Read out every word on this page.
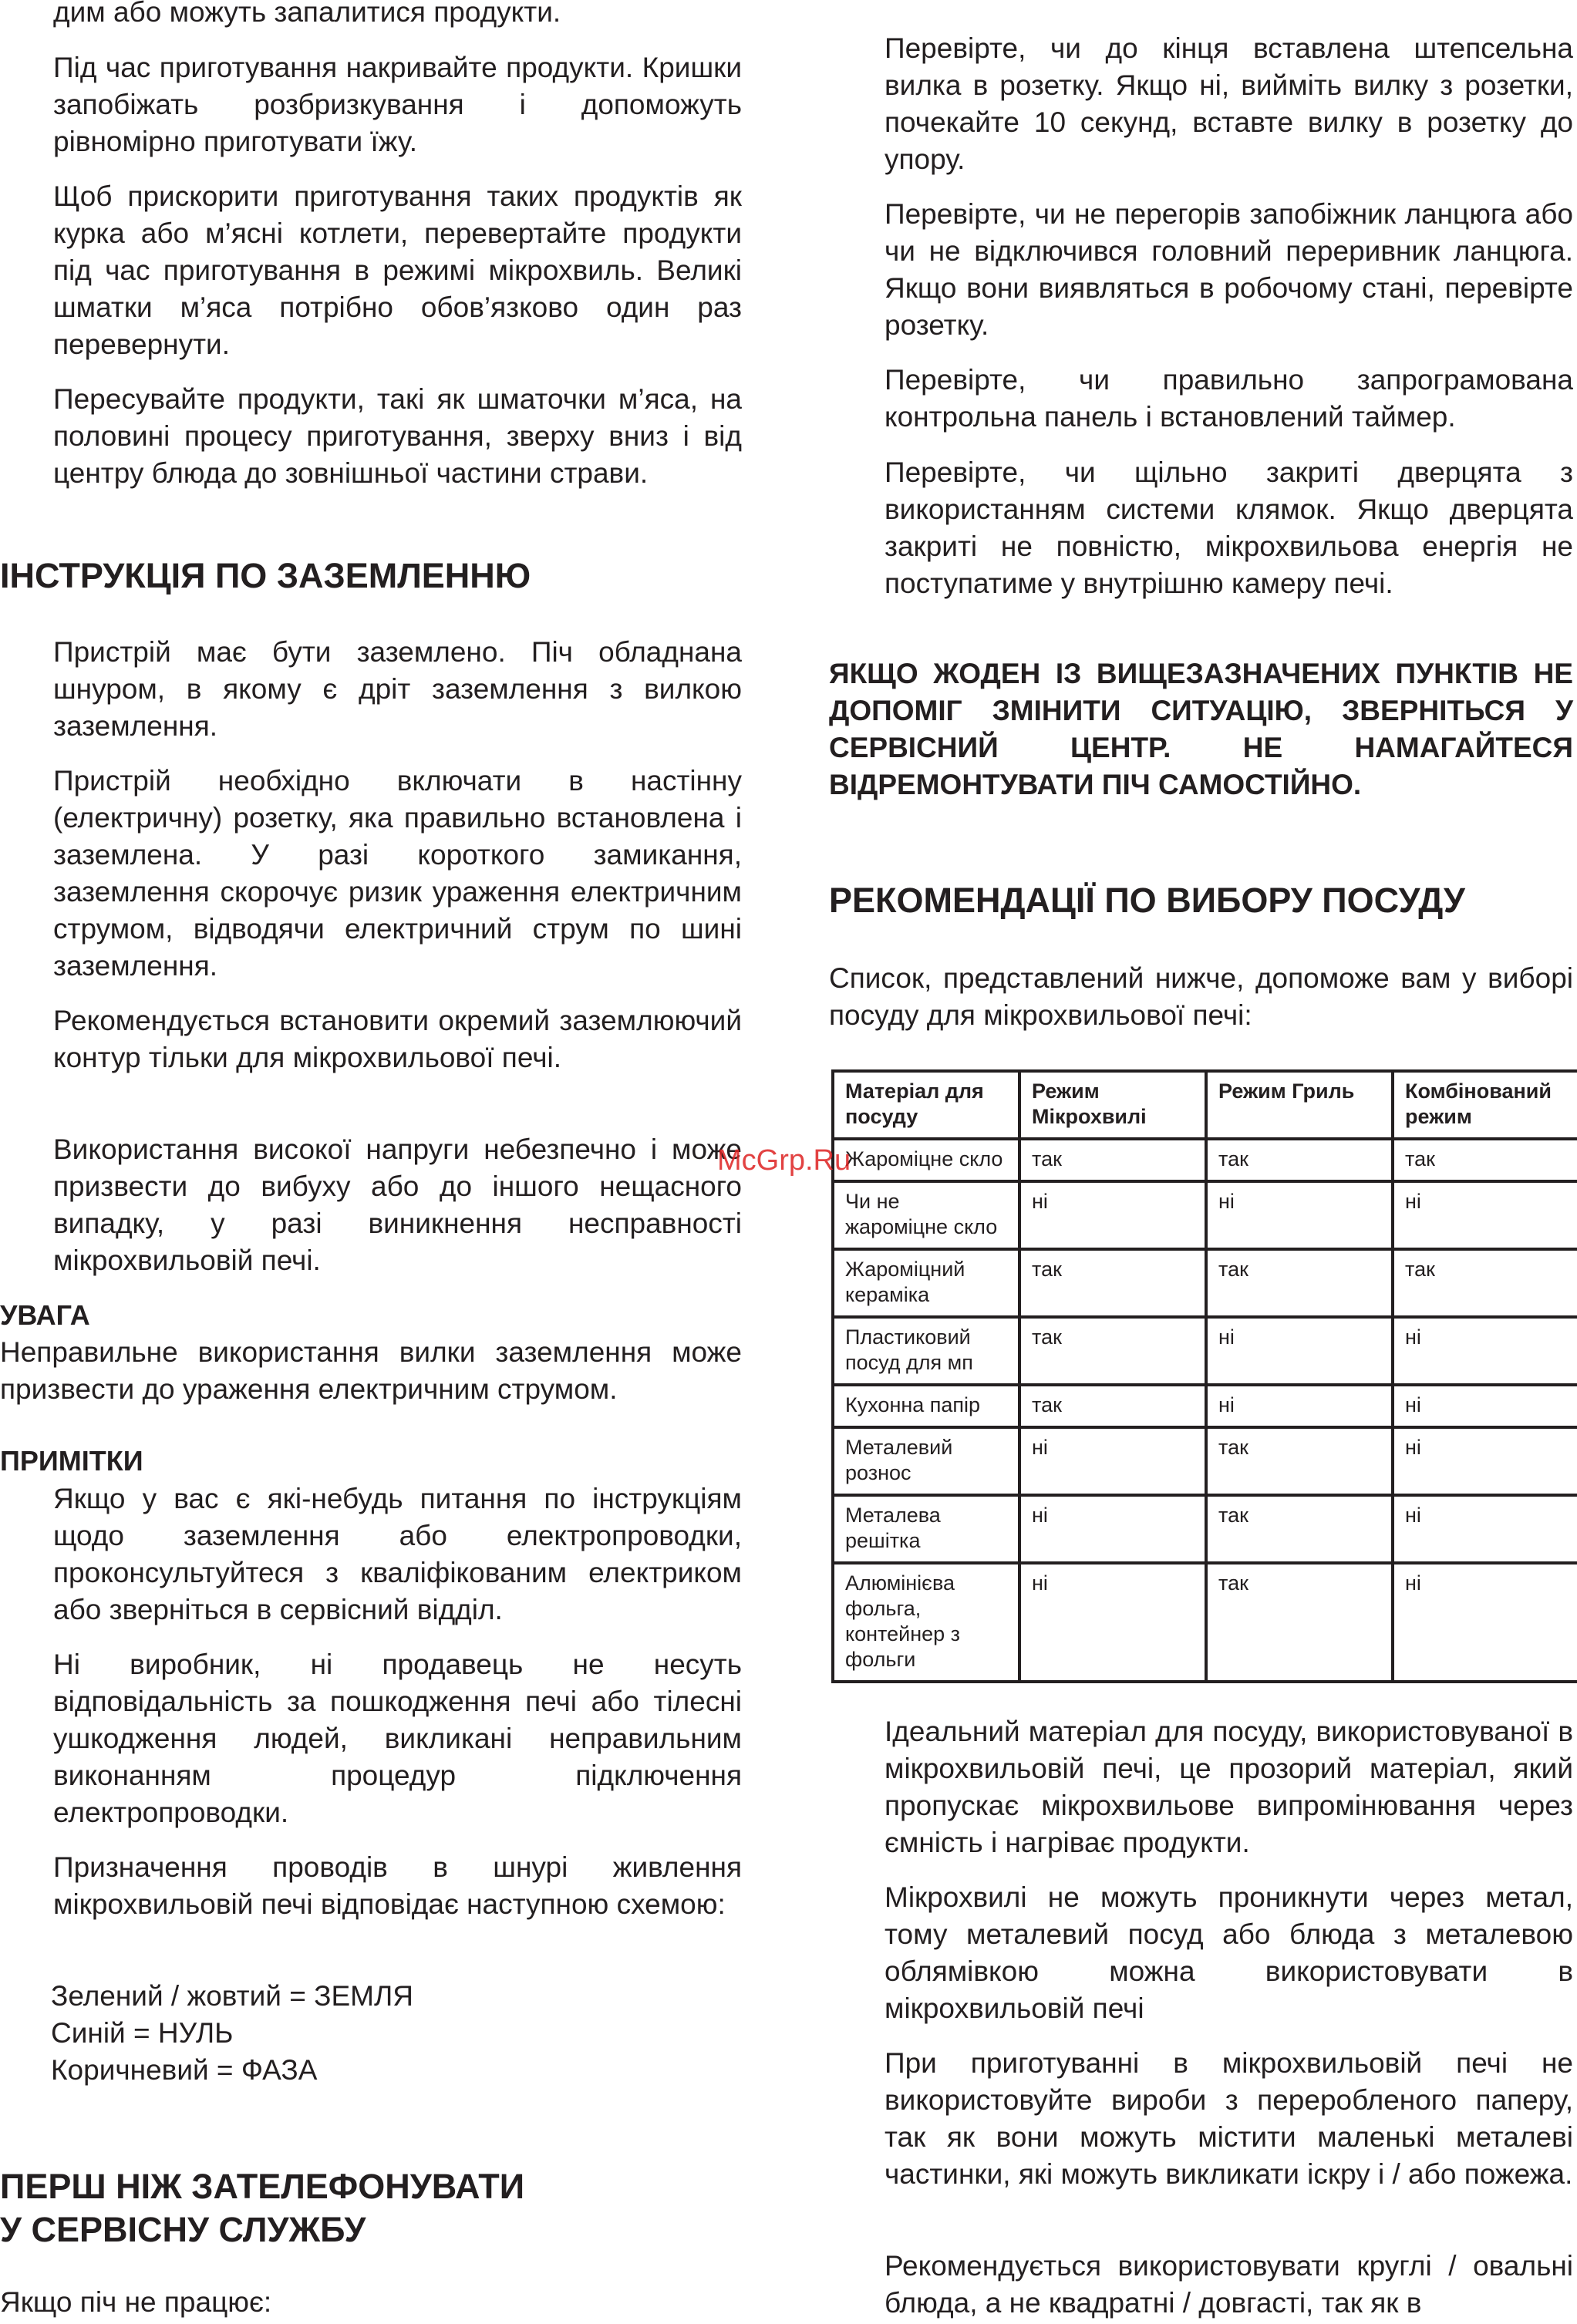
дим або можуть запалитися продукти.

Під час приготування накривайте продукти. Кришки запобіжать розбризкування і допоможуть рівномірно приготувати їжу.

Щоб прискорити приготування таких продуктів як курка або м’ясні котлети, перевертайте продукти під час приготування в режимі мікрохвиль. Великі шматки м’яса потрібно обов’язково один раз перевернути.

Пересувайте продукти, такі як шматочки м’яса, на половині процесу приготування, зверху вниз і від центру блюда до зовнішньої частини страви.

ІНСТРУКЦІЯ ПО ЗАЗЕМЛЕННЮ

Пристрій має бути заземлено. Піч обладнана шнуром, в якому є дріт заземлення з вилкою заземлення.

Пристрій необхідно включати в настінну (електричну) розетку, яка правильно встановлена і заземлена. У разі короткого замикання, заземлення скорочує ризик ураження електричним струмом, відводячи електричний струм по шині заземлення.

Рекомендується встановити окремий заземлюючий контур тільки для мікрохвильової печі.

Використання високої напруги небезпечно і може призвести до вибуху або до іншого нещасного випадку, у разі виникнення несправності мікрохвильовій печі.

УВАГА

Неправильне використання вилки заземлення може призвести до ураження електричним струмом.

ПРИМІТКИ

Якщо у вас є які-небудь питання по інструкціям щодо заземлення або електропроводки, проконсультуйтеся з кваліфікованим електриком або зверніться в сервісний відділ.

Ні виробник, ні продавець не несуть відповідальність за пошкодження печі або тілесні ушкодження людей, викликані неправильним виконанням процедур підключення електропроводки.

Призначення проводів в шнурі живлення мікрохвильовій печі відповідає наступною схемою:

Зелений / жовтий = ЗЕМЛЯ
Синій = НУЛЬ
Коричневий = ФАЗА
ПЕРШ НІЖ ЗАТЕЛЕФОНУВАТИ
У СЕРВІСНУ СЛУЖБУ

Якщо піч не працює:

Перевірте, чи до кінця вставлена штепсельна вилка в розетку. Якщо ні, вийміть вилку з розетки, почекайте 10 секунд, вставте вилку в розетку до упору.

Перевірте, чи не перегорів запобіжник ланцюга або чи не відключився головний переривник ланцюга. Якщо вони виявляться в робочому стані, перевірте розетку.

Перевірте, чи правильно запрограмована контрольна панель і встановлений таймер.

Перевірте, чи щільно закриті дверцята з використанням системи клямок. Якщо дверцята закриті не повністю, мікрохвильова енергія не поступатиме у внутрішню камеру печі.

ЯКЩО ЖОДЕН ІЗ ВИЩЕЗАЗНАЧЕНИХ ПУНКТІВ НЕ ДОПОМІГ ЗМІНИТИ СИТУАЦІЮ, ЗВЕРНІТЬСЯ У СЕРВІСНИЙ ЦЕНТР. НЕ НАМАГАЙТЕСЯ ВІДРЕМОНТУВАТИ ПІЧ САМОСТІЙНО.

РЕКОМЕНДАЦІЇ ПО ВИБОРУ ПОСУДУ

Список, представлений нижче, допоможе вам у виборі посуду для мікрохвильової печі:

Матеріал для посуду	Режим Мікрохвилі	Режим Гриль	Комбінований режим
Жароміцне скло	так	так	так
Чи не жароміцне скло	ні	ні	ні
Жароміцний кераміка	так	так	так
Пластиковий посуд для мп	так	ні	ні
Кухонна папір	так	ні	ні
Металевий рознос	ні	так	ні
Металева решітка	ні	так	ні
Алюмінієва фольга, контейнер з фольги	ні	так	ні

Ідеальний матеріал для посуду, використовуваної в мікрохвильовій печі, це прозорий матеріал, який пропускає мікрохвильове випромінювання через ємність і нагріває продукти.

Мікрохвилі не можуть проникнути через метал, тому металевий посуд або блюда з металевою облямівкою можна використовувати в мікрохвильовій печі

При приготуванні в мікрохвильовій печі не використовуйте вироби з переробленого паперу, так як вони можуть містити маленькі металеві частинки, які можуть викликати іскру і / або пожежа.

Рекомендується використовувати круглі / овальні блюда, а не квадратні / довгасті, так як в

McGrp.Ru
